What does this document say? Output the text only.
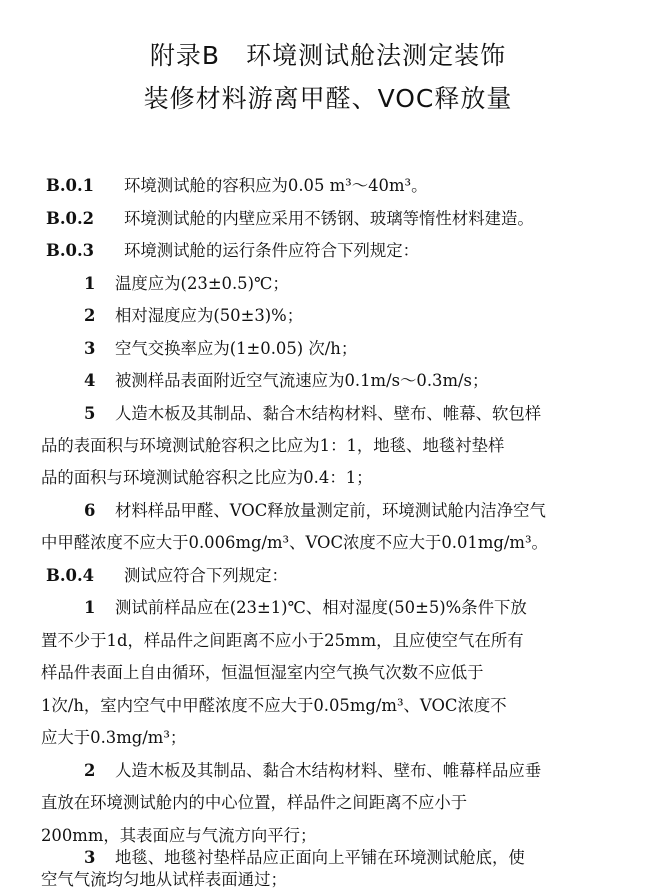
附录B　环境测试舱法测定装饰
装修材料游离甲醛、VOC释放量
B.0.1 环境测试舱的容积应为0.05 m³～40m³。
B.0.2 环境测试舱的内壁应采用不锈钢、玻璃等惰性材料建造。
B.0.3 环境测试舱的运行条件应符合下列规定：
1 温度应为(23±0.5)℃；
2 相对湿度应为(50±3)%；
3 空气交换率应为(1±0.05) 次/h；
4 被测样品表面附近空气流速应为0.1m/s～0.3m/s；
5 人造木板及其制品、黏合木结构材料、壁布、帷幕、软包样
品的表面积与环境测试舱容积之比应为1：1，地毯、地毯衬垫样
品的面积与环境测试舱容积之比应为0.4：1；
6 材料样品甲醛、VOC释放量测定前，环境测试舱内洁净空气
中甲醛浓度不应大于0.006mg/m³、VOC浓度不应大于0.01mg/m³。
B.0.4 测试应符合下列规定：
1 测试前样品应在(23±1)℃、相对湿度(50±5)%条件下放
置不少于1d，样品件之间距离不应小于25mm，且应使空气在所有
样品件表面上自由循环，恒温恒湿室内空气换气次数不应低于
1次/h，室内空气中甲醛浓度不应大于0.05mg/m³、VOC浓度不
应大于0.3mg/m³；
2 人造木板及其制品、黏合木结构材料、壁布、帷幕样品应垂
直放在环境测试舱内的中心位置，样品件之间距离不应小于
200mm，其表面应与气流方向平行；
3 地毯、地毯衬垫样品应正面向上平铺在环境测试舱底，使
空气气流均匀地从试样表面通过；
